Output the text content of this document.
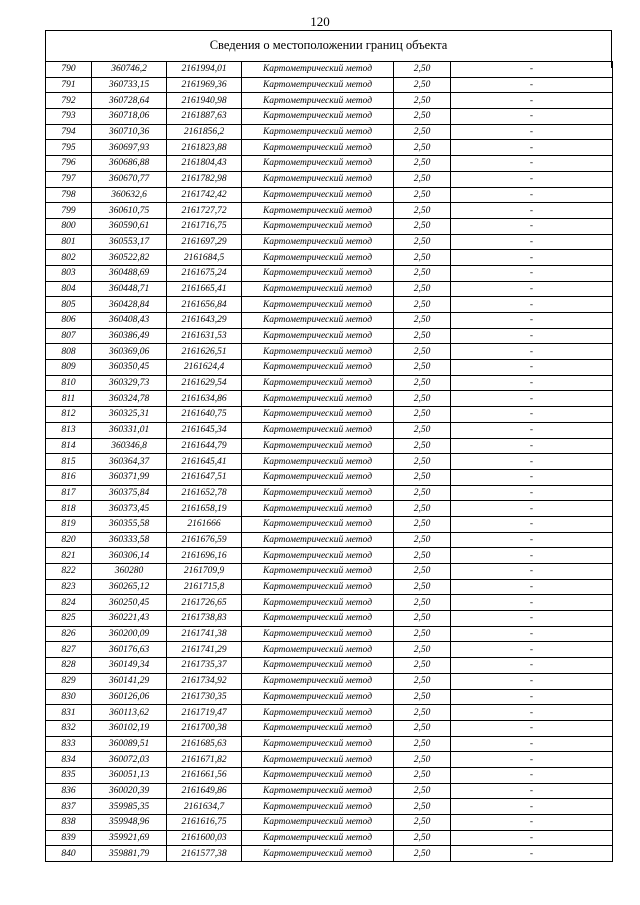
120
Сведения о местоположении границ объекта
790	360746,2	2161994,01	Картометрический метод	2,50	-
791	360733,15	2161969,36	Картометрический метод	2,50	-
792	360728,64	2161940,98	Картометрический метод	2,50	-
793	360718,06	2161887,63	Картометрический метод	2,50	-
794	360710,36	2161856,2	Картометрический метод	2,50	-
795	360697,93	2161823,88	Картометрический метод	2,50	-
796	360686,88	2161804,43	Картометрический метод	2,50	-
797	360670,77	2161782,98	Картометрический метод	2,50	-
798	360632,6	2161742,42	Картометрический метод	2,50	-
799	360610,75	2161727,72	Картометрический метод	2,50	-
800	360590,61	2161716,75	Картометрический метод	2,50	-
801	360553,17	2161697,29	Картометрический метод	2,50	-
802	360522,82	2161684,5	Картометрический метод	2,50	-
803	360488,69	2161675,24	Картометрический метод	2,50	-
804	360448,71	2161665,41	Картометрический метод	2,50	-
805	360428,84	2161656,84	Картометрический метод	2,50	-
806	360408,43	2161643,29	Картометрический метод	2,50	-
807	360386,49	2161631,53	Картометрический метод	2,50	-
808	360369,06	2161626,51	Картометрический метод	2,50	-
809	360350,45	2161624,4	Картометрический метод	2,50	-
810	360329,73	2161629,54	Картометрический метод	2,50	-
811	360324,78	2161634,86	Картометрический метод	2,50	-
812	360325,31	2161640,75	Картометрический метод	2,50	-
813	360331,01	2161645,34	Картометрический метод	2,50	-
814	360346,8	2161644,79	Картометрический метод	2,50	-
815	360364,37	2161645,41	Картометрический метод	2,50	-
816	360371,99	2161647,51	Картометрический метод	2,50	-
817	360375,84	2161652,78	Картометрический метод	2,50	-
818	360373,45	2161658,19	Картометрический метод	2,50	-
819	360355,58	2161666	Картометрический метод	2,50	-
820	360333,58	2161676,59	Картометрический метод	2,50	-
821	360306,14	2161696,16	Картометрический метод	2,50	-
822	360280	2161709,9	Картометрический метод	2,50	-
823	360265,12	2161715,8	Картометрический метод	2,50	-
824	360250,45	2161726,65	Картометрический метод	2,50	-
825	360221,43	2161738,83	Картометрический метод	2,50	-
826	360200,09	2161741,38	Картометрический метод	2,50	-
827	360176,63	2161741,29	Картометрический метод	2,50	-
828	360149,34	2161735,37	Картометрический метод	2,50	-
829	360141,29	2161734,92	Картометрический метод	2,50	-
830	360126,06	2161730,35	Картометрический метод	2,50	-
831	360113,62	2161719,47	Картометрический метод	2,50	-
832	360102,19	2161700,38	Картометрический метод	2,50	-
833	360089,51	2161685,63	Картометрический метод	2,50	-
834	360072,03	2161671,82	Картометрический метод	2,50	-
835	360051,13	2161661,56	Картометрический метод	2,50	-
836	360020,39	2161649,86	Картометрический метод	2,50	-
837	359985,35	2161634,7	Картометрический метод	2,50	-
838	359948,96	2161616,75	Картометрический метод	2,50	-
839	359921,69	2161600,03	Картометрический метод	2,50	-
840	359881,79	2161577,38	Картометрический метод	2,50	-
